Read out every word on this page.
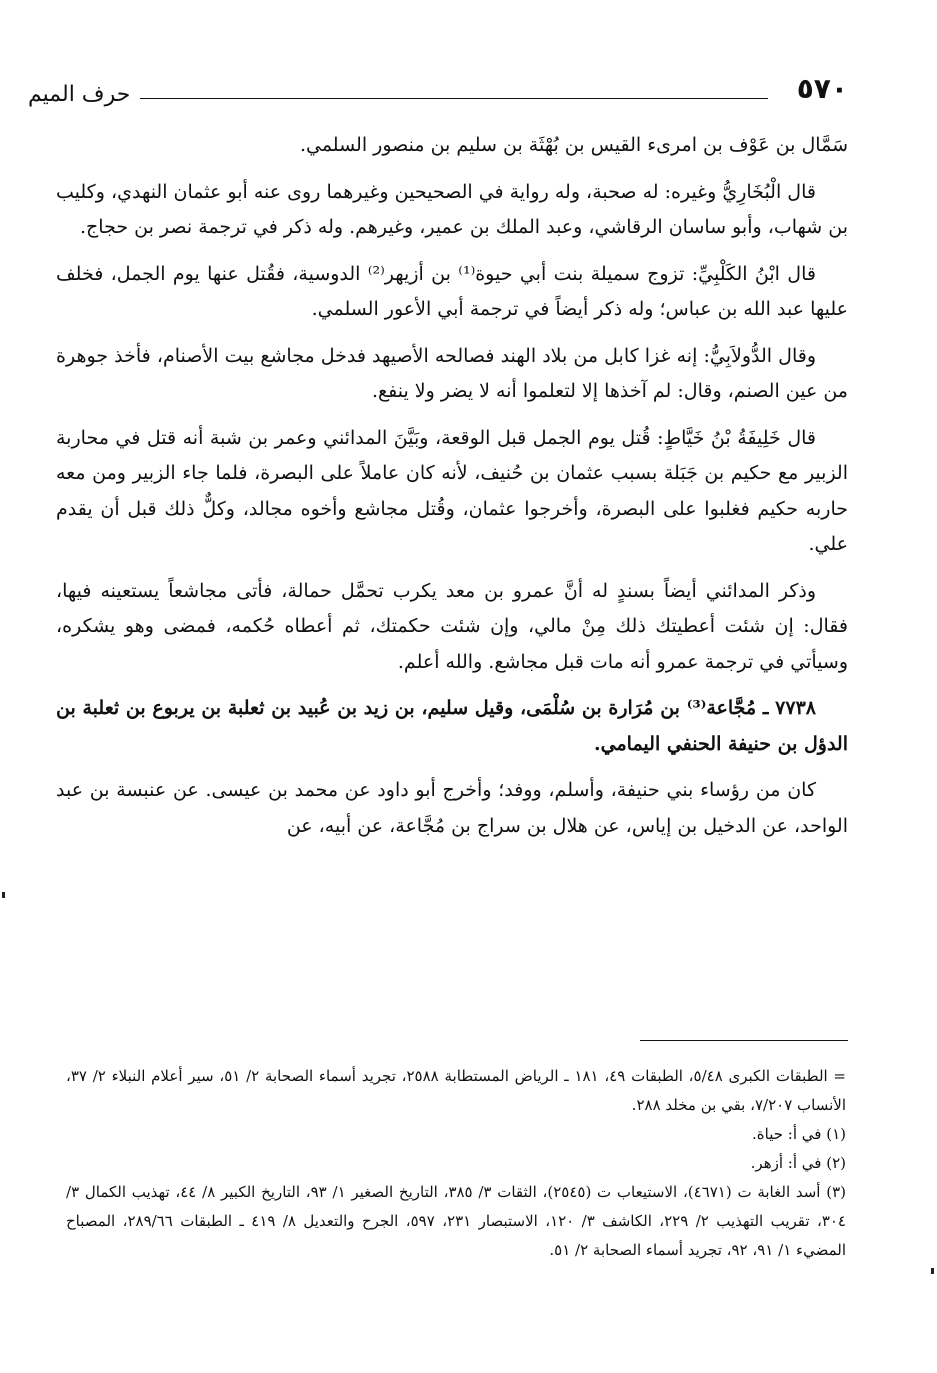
٥٧٠
حرف الميم

سَمَّال بن عَوْف بن امرىء القيس بن بُهْثَة بن سليم بن منصور السلمي.

قال الْبُخَارِيُّ وغيره: له صحبة، وله رواية في الصحيحين وغيرهما روى عنه أبو عثمان النهدي، وكليب بن شهاب، وأبو ساسان الرقاشي، وعبد الملك بن عمير، وغيرهم. وله ذكر في ترجمة نصر بن حجاج.

قال ابْنُ الكَلْبِيِّ: تزوج سميلة بنت أبي حيوة⁽¹⁾ بن أزيهر⁽²⁾ الدوسية، فقُتل عنها يوم الجمل، فخلف عليها عبد الله بن عباس؛ وله ذكر أيضاً في ترجمة أبي الأعور السلمي.

وقال الدُّولاَبِيُّ: إنه غزا كابل من بلاد الهند فصالحه الأصيهد فدخل مجاشع بيت الأصنام، فأخذ جوهرة من عين الصنم، وقال: لم آخذها إلا لتعلموا أنه لا يضر ولا ينفع.

قال خَلِيفَةُ بْنُ خَيَّاطٍ: قُتل يوم الجمل قبل الوقعة، وبَيَّنَ المدائني وعمر بن شبة أنه قتل في محاربة الزبير مع حكيم بن جَبَلة بسبب عثمان بن حُنيف، لأنه كان عاملاً على البصرة، فلما جاء الزبير ومن معه حاربه حكيم فغلبوا على البصرة، وأخرجوا عثمان، وقُتل مجاشع وأخوه مجالد، وكلٌّ ذلك قبل أن يقدم علي.

وذكر المدائني أيضاً بسندٍ له أنَّ عمرو بن معد يكرب تحمَّل حمالة، فأتى مجاشعاً يستعينه فيها، فقال: إن شئت أعطيتك ذلك مِنْ مالي، وإن شئت حكمتك، ثم أعطاه حُكمه، فمضى وهو يشكره، وسيأتي في ترجمة عمرو أنه مات قبل مجاشع. والله أعلم.

٧٧٣٨ ـ مُجَّاعة⁽³⁾ بن مُرَارة بن سُلْمَى، وقيل سليم، بن زيد بن عُبيد بن ثعلبة بن يربوع بن ثعلبة بن الدؤل بن حنيفة الحنفي اليمامي.

كان من رؤساء بني حنيفة، وأسلم، ووفد؛ وأخرج أبو داود عن محمد بن عيسى. عن عنبسة بن عبد الواحد، عن الدخيل بن إياس، عن هلال بن سراج بن مُجَّاعة، عن أبيه، عن

= الطبقات الكبرى ٥/٤٨، الطبقات ٤٩، ١٨١ ـ الرياض المستطابة ٢٥٨٨، تجريد أسماء الصحابة ٢/ ٥١، سير أعلام النبلاء ٢/ ٣٧، الأنساب ٧/٢٠٧، بقي بن مخلد ٢٨٨.

(١) في أ: حياة.

(٢) في أ: أزهر.

(٣) أسد الغابة ت (٤٦٧١)، الاستيعاب ت (٢٥٤٥)، الثقات ٣/ ٣٨٥، التاريخ الصغير ١/ ٩٣، التاريخ الكبير ٨/ ٤٤، تهذيب الكمال ٣/ ٣٠٤، تقريب التهذيب ٢/ ٢٢٩، الكاشف ٣/ ١٢٠، الاستبصار ٢٣١، ٥٩٧، الجرح والتعديل ٨/ ٤١٩ ـ الطبقات ٢٨٩/٦٦، المصباح المضيء ١/ ٩١، ٩٢، تجريد أسماء الصحابة ٢/ ٥١.
